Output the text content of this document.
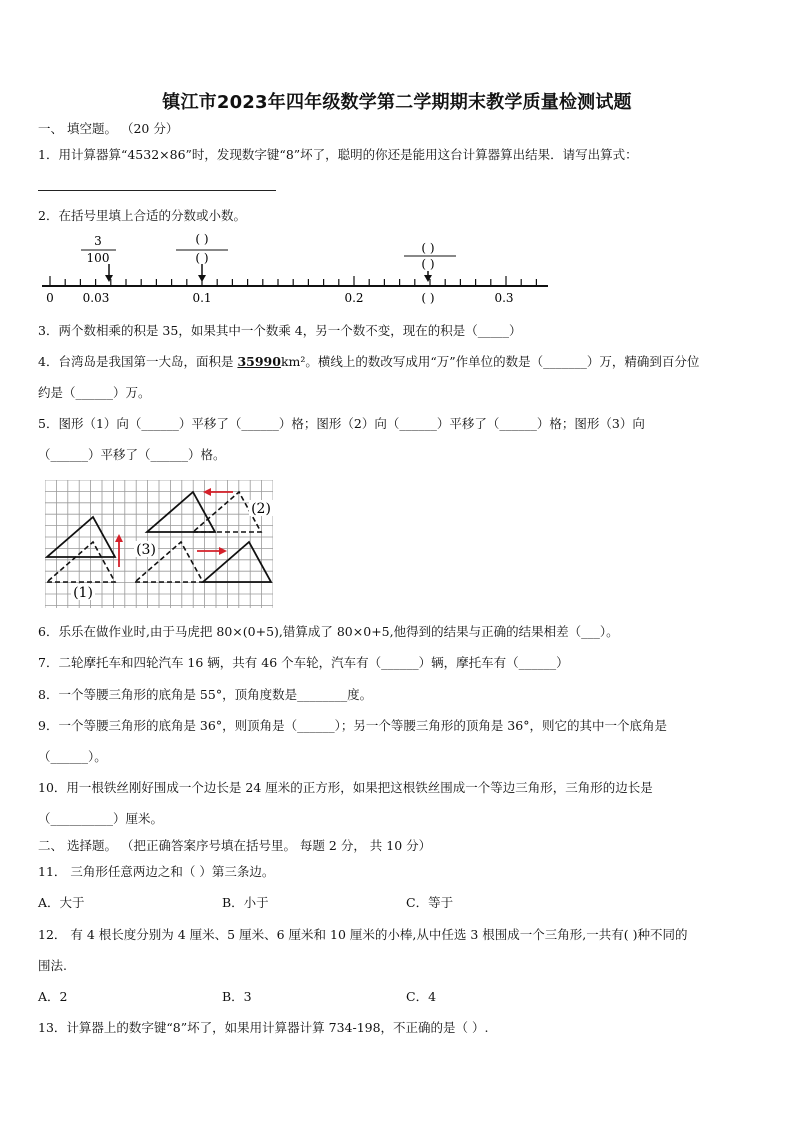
镇江市2023年四年级数学第二学期期末教学质量检测试题
一、 填空题。 （20 分）
1．用计算器算“4532×86”时，发现数字键“8”坏了，聪明的你还是能用这台计算器算出结果．请写出算式：
2．在括号里填上合适的分数或小数。
3
100
( )
( )
( )
( )
0 0.03	0.1	0.2	( )	0.3
3．两个数相乘的积是 35，如果其中一个数乘 4，另一个数不变，现在的积是（_____）
4．台湾岛是我国第一大岛，面积是 35990km²。横线上的数改写成用“万”作单位的数是（_______）万，精确到百分位
约是（______）万。
5．图形（1）向（______）平移了（______）格；图形（2）向（______）平移了（______）格；图形（3）向
（______）平移了（______）格。
(1)
(2)
(3)
6．乐乐在做作业时,由于马虎把 80×(0+5),错算成了 80×0+5,他得到的结果与正确的结果相差（___）。
7．二轮摩托车和四轮汽车 16 辆，共有 46 个车轮，汽车有（______）辆，摩托车有（______）
8．一个等腰三角形的底角是 55°，顶角度数是________度。
9．一个等腰三角形的底角是 36°，则顶角是（______）；另一个等腰三角形的顶角是 36°，则它的其中一个底角是
（______）。
10．用一根铁丝刚好围成一个边长是 24 厘米的正方形，如果把这根铁丝围成一个等边三角形，三角形的边长是
（__________）厘米。
二、 选择题。 （把正确答案序号填在括号里。 每题 2 分， 共 10 分）
11． 三角形任意两边之和（ ）第三条边。
A．大于	B．小于	C．等于
12． 有 4 根长度分别为 4 厘米、5 厘米、6 厘米和 10 厘米的小棒,从中任选 3 根围成一个三角形,一共有( )种不同的
围法.
A．2	B．3	C．4
13．计算器上的数字键“8”坏了，如果用计算器计算 734-198，不正确的是（ ）.
